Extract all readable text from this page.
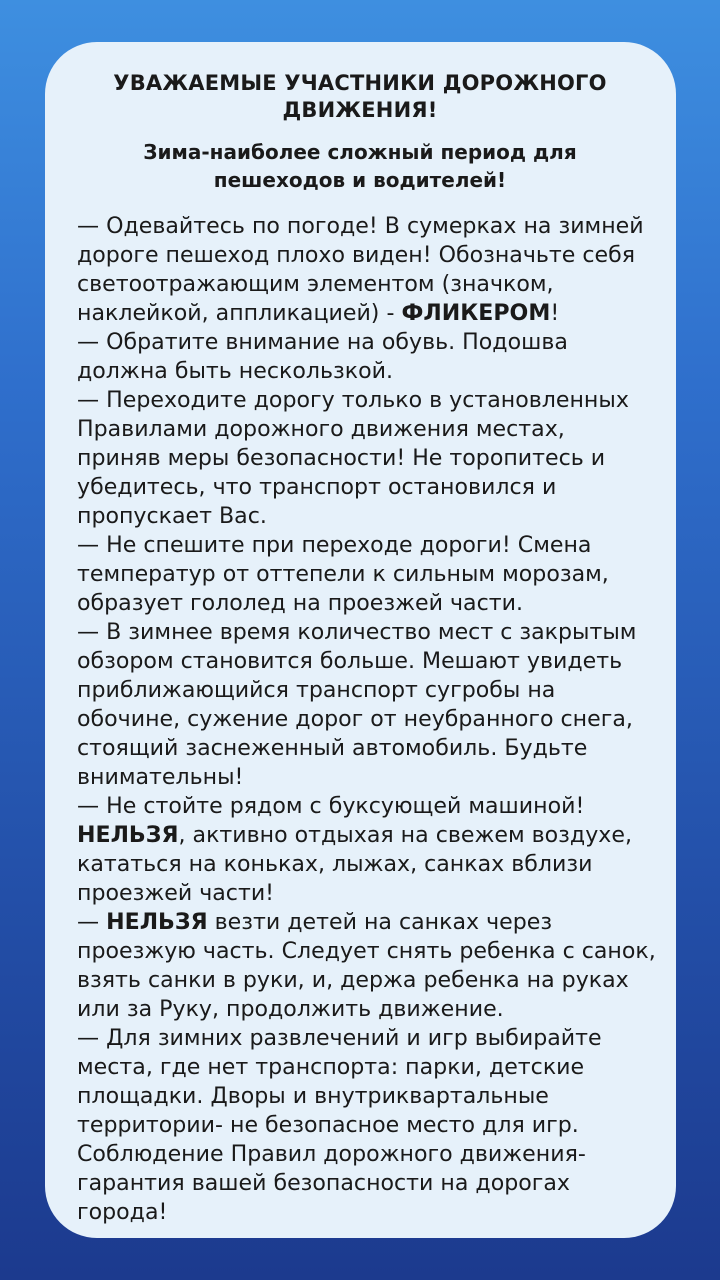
УВАЖАЕМЫЕ УЧАСТНИКИ ДОРОЖНОГО ДВИЖЕНИЯ!
Зима-наиболее сложный период для пешеходов и водителей!
— Одевайтесь по погоде! В сумерках на зимней
дороге пешеход плохо виден! Обозначьте себя
светоотражающим элементом (значком,
наклейкой, аппликацией) - ФЛИКЕРОМ!
— Обратите внимание на обувь. Подошва
должна быть нескользкой.
— Переходите дорогу только в установленных
Правилами дорожного движения местах,
приняв меры безопасности! Не торопитесь и
убедитесь, что транспорт остановился и
пропускает Вас.
— Не спешите при переходе дороги! Смена
температур от оттепели к сильным морозам,
образует гололед на проезжей части.
— В зимнее время количество мест с закрытым
обзором становится больше. Мешают увидеть
приближающийся транспорт сугробы на
обочине, сужение дорог от неубранного снега,
стоящий заснеженный автомобиль. Будьте
внимательны!
— Не стойте рядом с буксующей машиной!
НЕЛЬЗЯ, активно отдыхая на свежем воздухе,
кататься на коньках, лыжах, санках вблизи
проезжей части!
— НЕЛЬЗЯ везти детей на санках через
проезжую часть. Следует снять ребенка с санок,
взять санки в руки, и, держа ребенка на руках
или за Руку, продолжить движение.
— Для зимних развлечений и игр выбирайте
места, где нет транспорта: парки, детские
площадки. Дворы и внутриквартальные
территории- не безопасное место для игр.
Соблюдение Правил дорожного движения-
гарантия вашей безопасности на дорогах
города!
